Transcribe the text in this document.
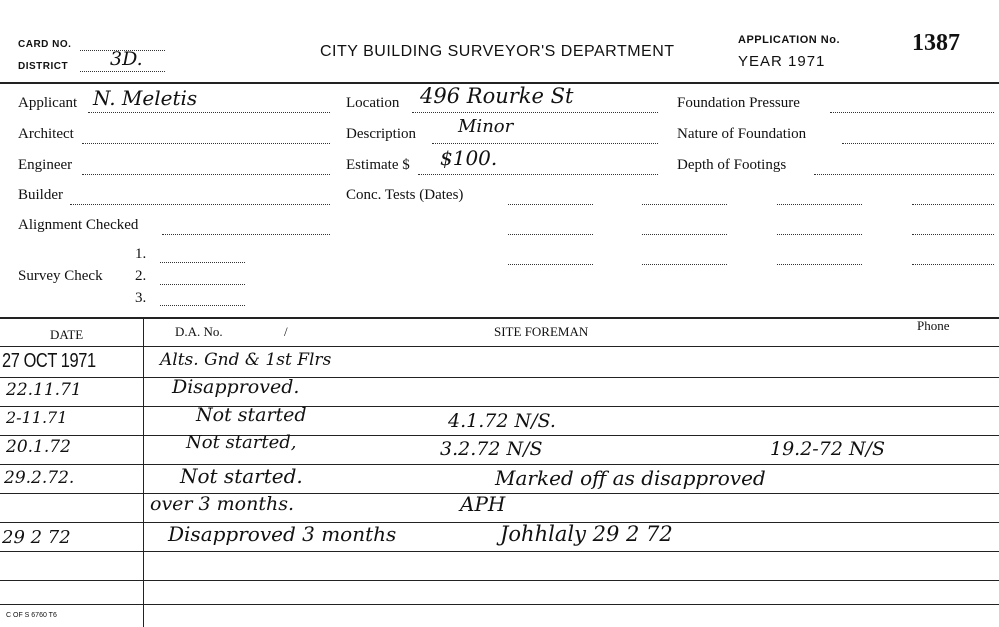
CARD NO.
DISTRICT 3D.	CITY BUILDING SURVEYOR'S DEPARTMENT
APPLICATION No.
YEAR 1971
1387
Applicant N. Meletis
Architect
Engineer
Builder
Alignment Checked
Survey Check
1.
2.
3.
Location 496 Rourke St
Description Minor
Estimate $ $100.
Conc. Tests (Dates)
Foundation Pressure
Nature of Foundation
Depth of Footings
DATE	D.A. No.	/	SITE FOREMAN	Phone
27 OCT 1971	Alts. Gnd & 1st Flrs
22.11.71	Disapproved.
2-11.71	Not started	4.1.72 N/S.
20.1.72	Not started,	3.2.72 N/S	19.2-72 N/S
29.2.72.	Not started.	Marked off as disapproved
over 3 months.	APH
29 2 72	Disapproved 3 months	Johhlaly 29 2 72
C OF S 6760 T6
